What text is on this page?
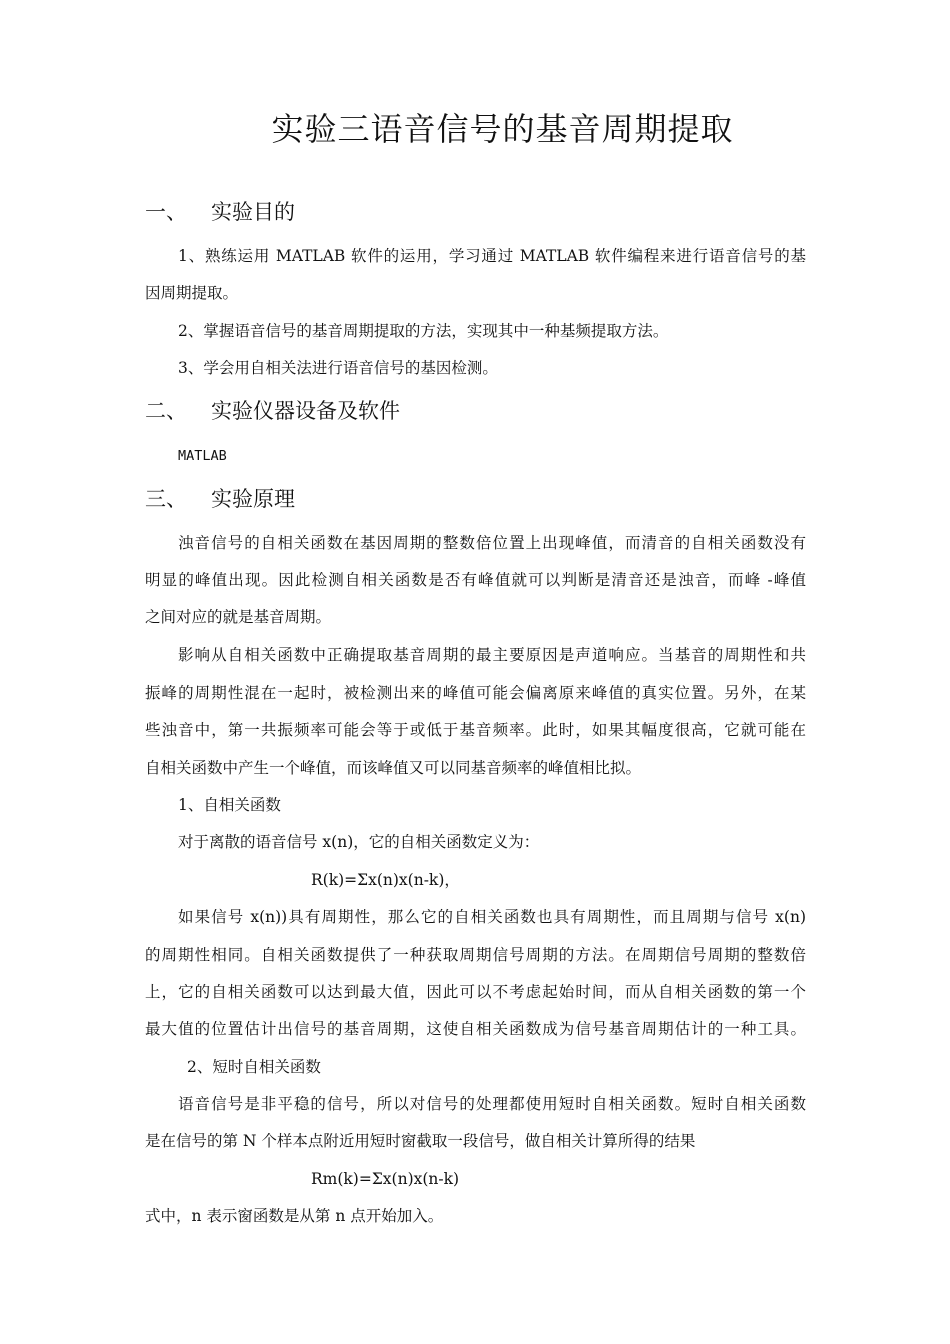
实验三语音信号的基音周期提取
一、 实验目的
1、熟练运用 MATLAB 软件的运用，学习通过 MATLAB 软件编程来进行语音信号的基
因周期提取。
2、掌握语音信号的基音周期提取的方法，实现其中一种基频提取方法。
3、学会用自相关法进行语音信号的基因检测。
二、 实验仪器设备及软件
MATLAB
三、 实验原理
浊音信号的自相关函数在基因周期的整数倍位置上出现峰值，而清音的自相关函数没有
明显的峰值出现。因此检测自相关函数是否有峰值就可以判断是清音还是浊音，而峰 -峰值
之间对应的就是基音周期。
影响从自相关函数中正确提取基音周期的最主要原因是声道响应。当基音的周期性和共
振峰的周期性混在一起时，被检测出来的峰值可能会偏离原来峰值的真实位置。另外，在某
些浊音中，第一共振频率可能会等于或低于基音频率。此时，如果其幅度很高，它就可能在
自相关函数中产生一个峰值，而该峰值又可以同基音频率的峰值相比拟。
1、自相关函数
对于离散的语音信号 x(n)，它的自相关函数定义为：
R(k)=Σx(n)x(n-k)，
如果信号 x(n))具有周期性，那么它的自相关函数也具有周期性，而且周期与信号 x(n)
的周期性相同。自相关函数提供了一种获取周期信号周期的方法。在周期信号周期的整数倍
上，它的自相关函数可以达到最大值，因此可以不考虑起始时间，而从自相关函数的第一个
最大值的位置估计出信号的基音周期，这使自相关函数成为信号基音周期估计的一种工具。
2、短时自相关函数
语音信号是非平稳的信号，所以对信号的处理都使用短时自相关函数。短时自相关函数
是在信号的第 N 个样本点附近用短时窗截取一段信号，做自相关计算所得的结果
Rm(k)=Σx(n)x(n-k)
式中，n 表示窗函数是从第 n 点开始加入。
